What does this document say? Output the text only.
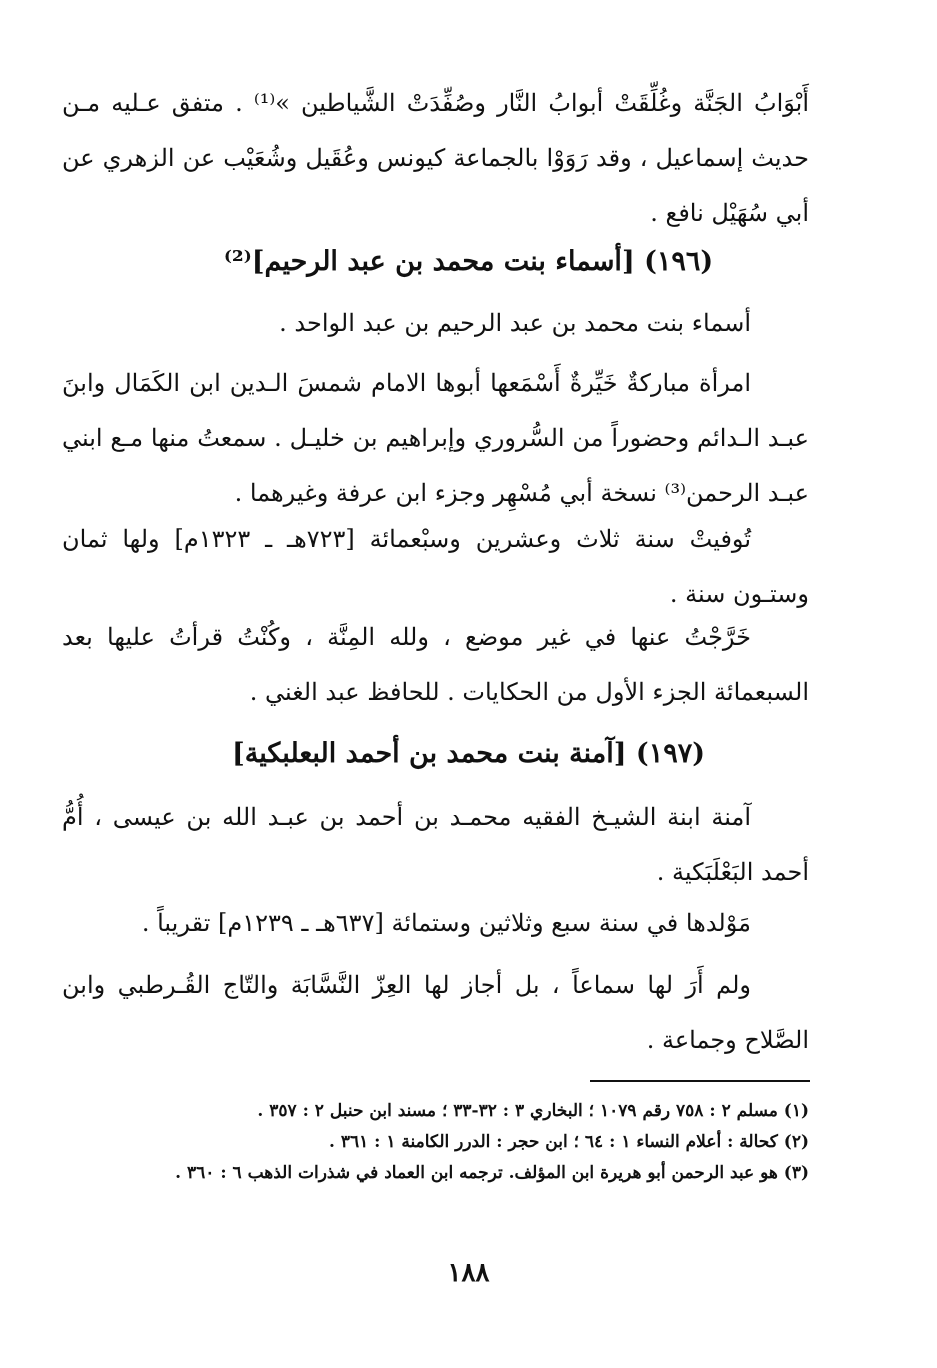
أَبْوَابُ الجَنَّة وغُلِّقَتْ أبوابُ النَّار وصُفِّدَتْ الشَّياطين »⁽¹⁾ . متفق عـليه مـن حديث إسماعيل ، وقد رَوَوْا بالجماعة كيونس وعُقَيل وشُعَيْب عن الزهري عن أبي سُهَيْل نافع .

(١٩٦) [أسماء بنت محمد بن عبد الرحيم]⁽²⁾

أسماء بنت محمد بن عبد الرحيم بن عبد الواحد .

امرأة مباركةٌ خَيِّرةٌ أَسْمَعها أبوها الامام شمسَ الـدين ابن الكَمَال وابنَ عبـد الـدائم وحضوراً من السُّروري وإبراهيم بن خليـل . سمعتُ منها مـع ابني عبـد الرحمن⁽³⁾ نسخة أبي مُسْهِر وجزء ابن عرفة وغيرهما .

تُوفيتْ سنة ثلاث وعشرين وسبْعمائة [٧٢٣هـ ـ ١٣٢٣م] ولها ثمان وستـون سنة .

خَرَّجْتُ عنها في غير موضع ، ولله المِنَّة ، وكُنْتُ قرأتُ عليها بعد السبعمائة الجزء الأول من الحكايات . للحافظ عبد الغني .

(١٩٧) [آمنة بنت محمد بن أحمد البعلبكية]

آمنة ابنة الشيـخ الفقيه محمـد بن أحمد بن عبـد الله بن عيسى ، أُمُّ أحمد البَعْلَبَكية .

مَوْلدها في سنة سبع وثلاثين وستمائة [٦٣٧هـ ـ ١٢٣٩م] تقريباً .

ولم أَرَ لها سماعاً ، بل أجاز لها العِزّ النَّسَّابَة والتّاج القُـرطبي وابن الصَّلاح وجماعة .

(١) مسلم ٢ : ٧٥٨ رقم ١٠٧٩ ؛ البخاري ٣ : ٣٢-٣٣ ؛ مسند ابن حنبل ٢ : ٣٥٧ .
(٢) كحالة : أعلام النساء ١ : ٦٤ ؛ ابن حجر : الدرر الكامنة ١ : ٣٦١ .
(٣) هو عبد الرحمن أبو هريرة ابن المؤلف. ترجمه ابن العماد في شذرات الذهب ٦ : ٣٦٠ .
١٨٨
